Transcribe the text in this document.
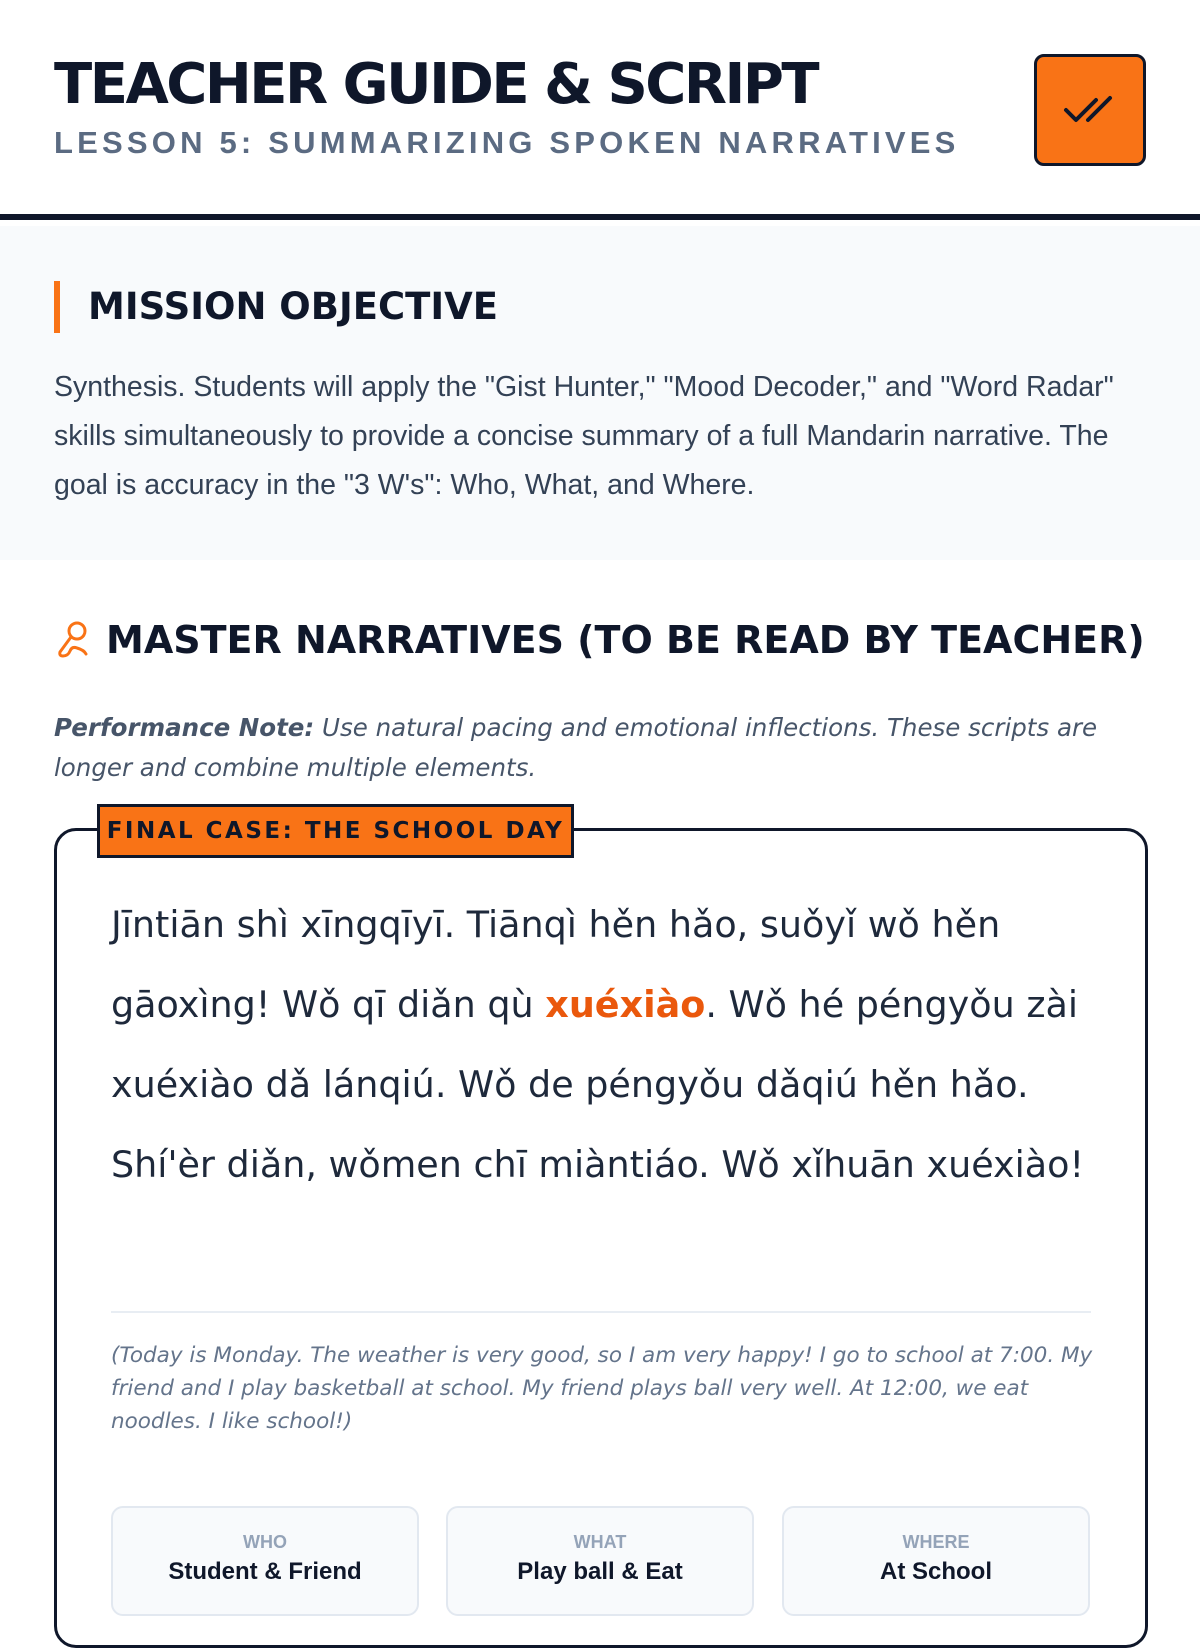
TEACHER GUIDE & SCRIPT
LESSON 5: SUMMARIZING SPOKEN NARRATIVES
MISSION OBJECTIVE

Synthesis. Students will apply the "Gist Hunter," "Mood Decoder," and "Word Radar" skills simultaneously to provide a concise summary of a full Mandarin narrative. The goal is accuracy in the "3 W's": Who, What, and Where.

MASTER NARRATIVES (TO BE READ BY TEACHER)
Performance Note: Use natural pacing and emotional inflections. These scripts are longer and combine multiple elements.
FINAL CASE: THE SCHOOL DAY

Jīntiān shì xīngqīyī. Tiānqì hěn hǎo, suǒyǐ wǒ hěn gāoxìng! Wǒ qī diǎn qù xuéxiào. Wǒ hé péngyǒu zài xuéxiào dǎ lánqiú. Wǒ de péngyǒu dǎqiú hěn hǎo. Shí'èr diǎn, wǒmen chī miàntiáo. Wǒ xǐhuān xuéxiào!

(Today is Monday. The weather is very good, so I am very happy! I go to school at 7:00. My friend and I play basketball at school. My friend plays ball very well. At 12:00, we eat noodles. I like school!)

WHO
Student & Friend
WHAT
Play ball & Eat
WHERE
At School
